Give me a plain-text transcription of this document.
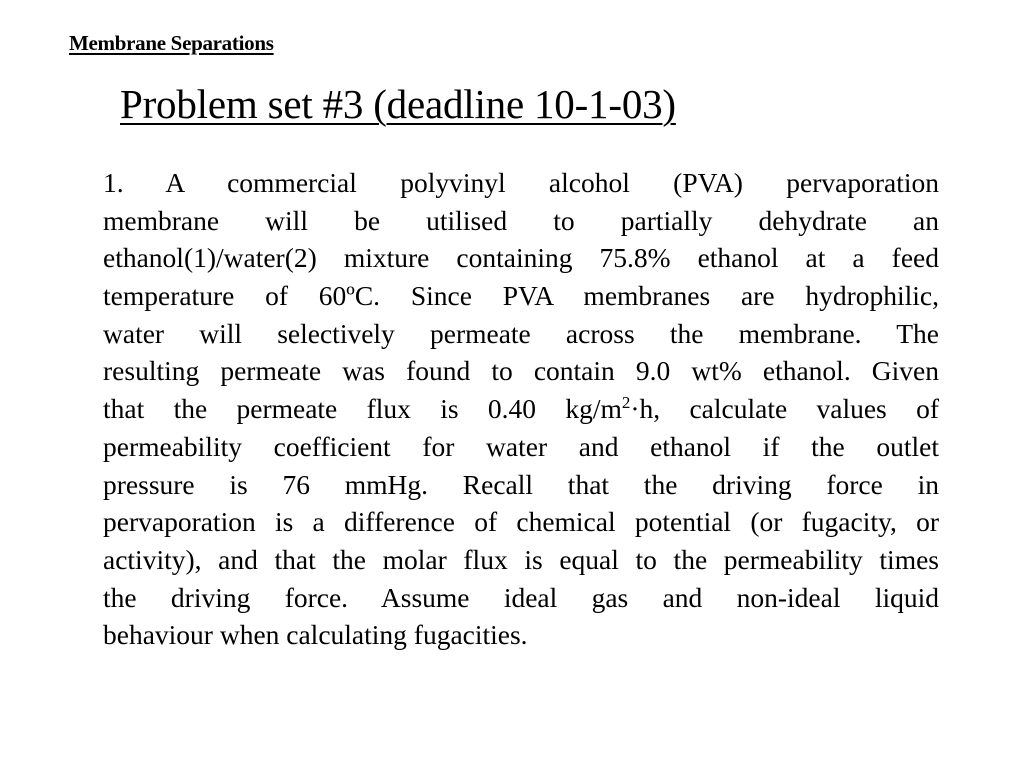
Membrane Separations
Problem set #3 (deadline 10-1-03)
1. A commercial polyvinyl alcohol (PVA) pervaporation
membrane will be utilised to partially dehydrate an
ethanol(1)/water(2) mixture containing 75.8% ethanol at a feed
temperature of 60ºC. Since PVA membranes are hydrophilic,
water will selectively permeate across the membrane. The
resulting permeate was found to contain 9.0 wt% ethanol. Given
that the permeate flux is 0.40 $kg/m^2\cdot h$, calculate values of
permeability coefficient for water and ethanol if the outlet
pressure is 76 mmHg. Recall that the driving force in
pervaporation is a difference of chemical potential (or fugacity, or
activity), and that the molar flux is equal to the permeability times
the driving force. Assume ideal gas and non-ideal liquid
behaviour when calculating fugacities.
